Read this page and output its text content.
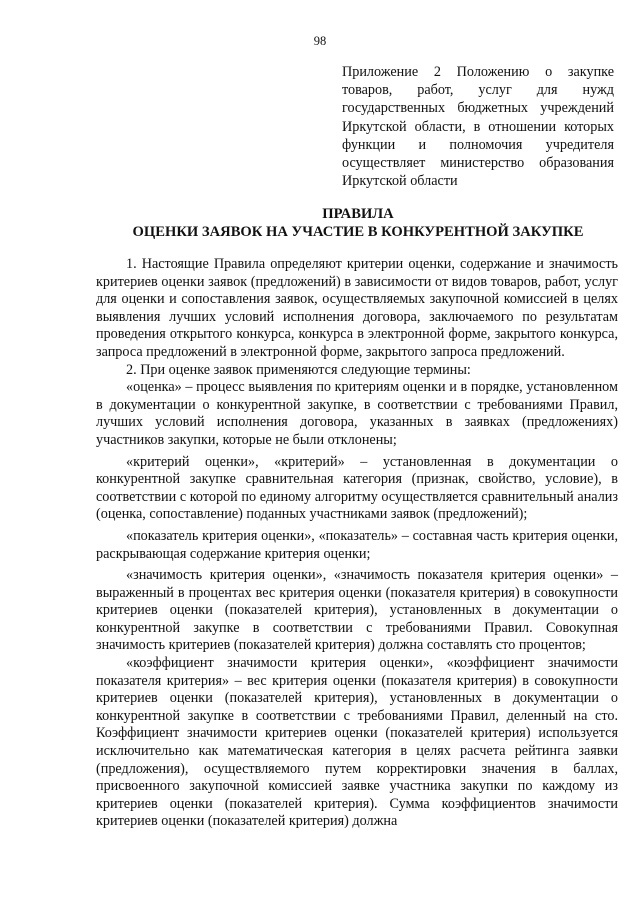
98
Приложение 2 Положению о закупке товаров, работ, услуг для нужд государственных бюджетных учреждений Иркутской области, в отношении которых функции и полномочия учредителя осуществляет министерство образования Иркутской области
ПРАВИЛА
ОЦЕНКИ ЗАЯВОК НА УЧАСТИЕ В КОНКУРЕНТНОЙ ЗАКУПКЕ

1. Настоящие Правила определяют критерии оценки, содержание и значимость критериев оценки заявок (предложений) в зависимости от видов товаров, работ, услуг для оценки и сопоставления заявок, осуществляемых закупочной комиссией в целях выявления лучших условий исполнения договора, заключаемого по результатам проведения открытого конкурса, конкурса в электронной форме, закрытого конкурса, запроса предложений в электронной форме, закрытого запроса предложений.

2. При оценке заявок применяются следующие термины:

«оценка» – процесс выявления по критериям оценки и в порядке, установленном в документации о конкурентной закупке, в соответствии с требованиями Правил, лучших условий исполнения договора, указанных в заявках (предложениях) участников закупки, которые не были отклонены;

«критерий оценки», «критерий» – установленная в документации о конкурентной закупке сравнительная категория (признак, свойство, условие), в соответствии с которой по единому алгоритму осуществляется сравнительный анализ (оценка, сопоставление) поданных участниками заявок (предложений);

«показатель критерия оценки», «показатель» – составная часть критерия оценки, раскрывающая содержание критерия оценки;

«значимость критерия оценки», «значимость показателя критерия оценки» – выраженный в процентах вес критерия оценки (показателя критерия) в совокупности критериев оценки (показателей критерия), установленных в документации о конкурентной закупке в соответствии с требованиями Правил. Совокупная значимость критериев (показателей критерия) должна составлять сто процентов;

«коэффициент значимости критерия оценки», «коэффициент значимости показателя критерия» – вес критерия оценки (показателя критерия) в совокупности критериев оценки (показателей критерия), установленных в документации о конкурентной закупке в соответствии с требованиями Правил, деленный на сто. Коэффициент значимости критериев оценки (показателей критерия) используется исключительно как математическая категория в целях расчета рейтинга заявки (предложения), осуществляемого путем корректировки значения в баллах, присвоенного закупочной комиссией заявке участника закупки по каждому из критериев оценки (показателей критерия). Сумма коэффициентов значимости критериев оценки (показателей критерия) должна
